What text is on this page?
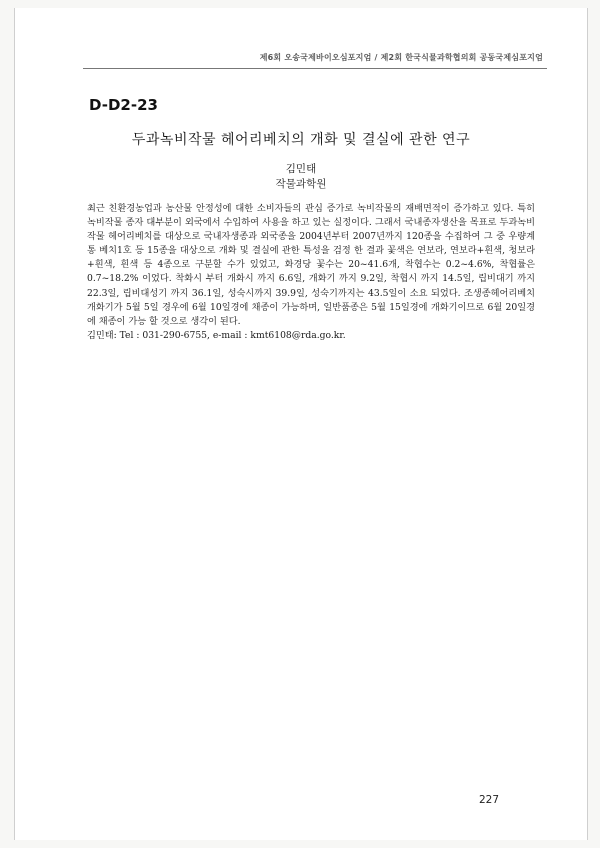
제6회 오송국제바이오심포지엄 / 제2회 한국식물과학협의회 공동국제심포지엄
D-D2-23
두과녹비작물 헤어리베치의 개화 및 결실에 관한 연구
김민태
작물과학원

최근 친환경농업과 농산물 안정성에 대한 소비자들의 관심 증가로 녹비작물의 재배면적이 증가하고 있다. 특히 녹비작물 종자 대부분이 외국에서 수입하여 사용을 하고 있는 실정이다. 그래서 국내종자생산을 목표로 두과녹비작물 헤어리베치를 대상으로 국내자생종과 외국종을 2004년부터 2007년까지 120종을 수집하여 그 중 우량계통 베치1호 등 15종을 대상으로 개화 및 결실에 관한 특성을 검정 한 결과 꽃색은 연보라, 연보라+흰색, 청보라+흰색, 흰색 등 4종으로 구분할 수가 있었고, 화경당 꽃수는 20~41.6개, 착협수는 0.2~4.6%, 착협률은 0.7~18.2% 이었다. 착화시 부터 개화시 까지 6.6일, 개화기 까지 9.2일, 착협시 까지 14.5일, 립비대기 까지 22.3일, 립비대성기 까지 36.1일, 성숙시까지 39.9일, 성숙기까지는 43.5일이 소요 되었다. 조생종헤어리베치 개화기가 5월 5일 경우에 6월 10일경에 채종이 가능하며, 일반품종은 5월 15일경에 개화기이므로 6월 20일경에 채종이 가능 할 것으로 생각이 된다.

김민태: Tel : 031-290-6755, e-mail : kmt6108@rda.go.kr.

227
